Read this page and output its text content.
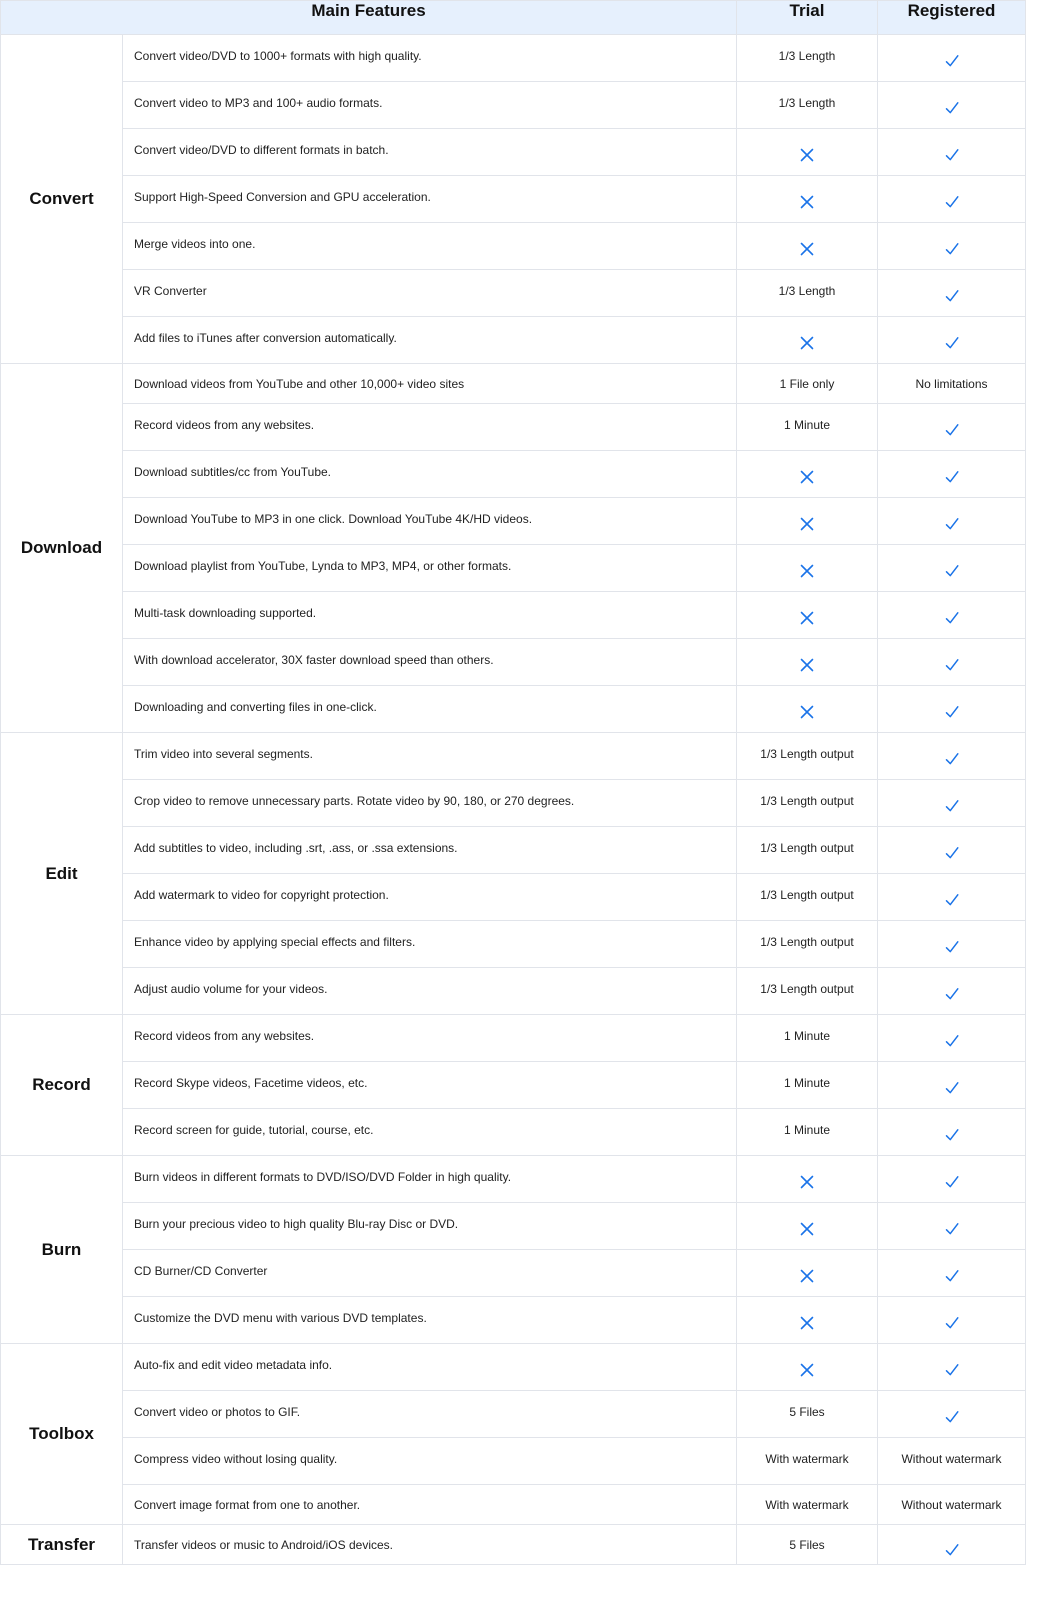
Main Features		Trial	Registered
Convert	Convert video/DVD to 1000+ formats with high quality.	1/3 Length	

	Convert video to MP3 and 100+ audio formats.	1/3 Length	

	Convert video/DVD to different formats in batch.	

	Support High-Speed Conversion and GPU acceleration.	

	Merge videos into one.	

	VR Converter	1/3 Length	

	Add files to iTunes after conversion automatically.	

Download	Download videos from YouTube and other 10,000+ video sites	1 File only	No limitations
	Record videos from any websites.	1 Minute	

	Download subtitles/cc from YouTube.	

	Download YouTube to MP3 in one click. Download YouTube 4K/HD videos.	

	Download playlist from YouTube, Lynda to MP3, MP4, or other formats.	

	Multi-task downloading supported.	

	With download accelerator, 30X faster download speed than others.	

	Downloading and converting files in one-click.	

Edit	Trim video into several segments.	1/3 Length output	

	Crop video to remove unnecessary parts. Rotate video by 90, 180, or 270 degrees.	1/3 Length output	

	Add subtitles to video, including .srt, .ass, or .ssa extensions.	1/3 Length output	

	Add watermark to video for copyright protection.	1/3 Length output	

	Enhance video by applying special effects and filters.	1/3 Length output	

	Adjust audio volume for your videos.	1/3 Length output	

Record	Record videos from any websites.	1 Minute	

	Record Skype videos, Facetime videos, etc.	1 Minute	

	Record screen for guide, tutorial, course, etc.	1 Minute	

Burn	Burn videos in different formats to DVD/ISO/DVD Folder in high quality.	

	Burn your precious video to high quality Blu-ray Disc or DVD.	

	CD Burner/CD Converter	

	Customize the DVD menu with various DVD templates.	

Toolbox	Auto-fix and edit video metadata info.	

	Convert video or photos to GIF.	5 Files	

	Compress video without losing quality.	With watermark	Without watermark
	Convert image format from one to another.	With watermark	Without watermark
Transfer	Transfer videos or music to Android/iOS devices.	5 Files	
